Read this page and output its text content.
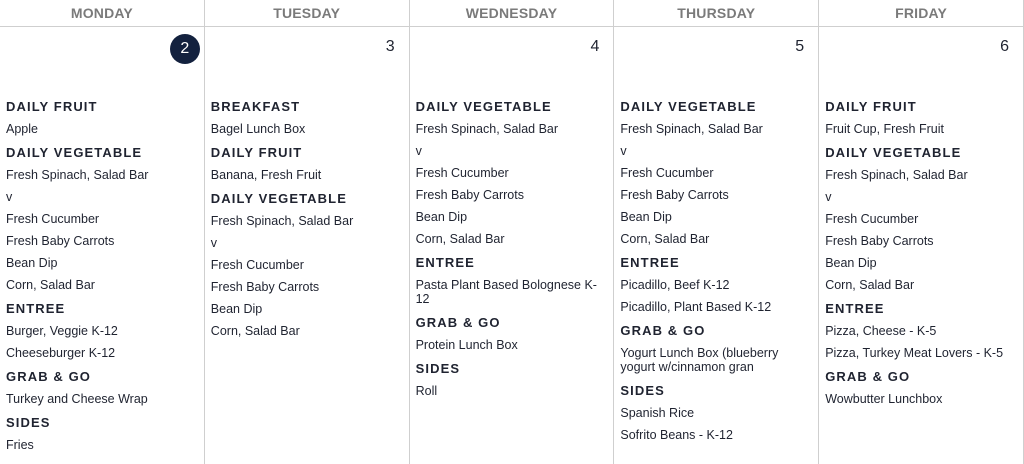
MONDAY	TUESDAY	WEDNESDAY	THURSDAY	FRIDAY
2
DAILY FRUIT
Apple
DAILY VEGETABLE
Fresh Spinach, Salad Bar
v
Fresh Cucumber
Fresh Baby Carrots
Bean Dip
Corn, Salad Bar
ENTREE
Burger, Veggie K-12
Cheeseburger K-12
GRAB & GO
Turkey and Cheese Wrap
SIDES
Fries
3
BREAKFAST
Bagel Lunch Box
DAILY FRUIT
Banana, Fresh Fruit
DAILY VEGETABLE
Fresh Spinach, Salad Bar
v
Fresh Cucumber
Fresh Baby Carrots
Bean Dip
Corn, Salad Bar
4
DAILY VEGETABLE
Fresh Spinach, Salad Bar
v
Fresh Cucumber
Fresh Baby Carrots
Bean Dip
Corn, Salad Bar
ENTREE
Pasta Plant Based Bolognese K-12
GRAB & GO
Protein Lunch Box
SIDES
Roll
5
DAILY VEGETABLE
Fresh Spinach, Salad Bar
v
Fresh Cucumber
Fresh Baby Carrots
Bean Dip
Corn, Salad Bar
ENTREE
Picadillo, Beef K-12
Picadillo, Plant Based K-12
GRAB & GO
Yogurt Lunch Box (blueberry yogurt w/cinnamon gran
SIDES
Spanish Rice
Sofrito Beans - K-12
6
DAILY FRUIT
Fruit Cup, Fresh Fruit
DAILY VEGETABLE
Fresh Spinach, Salad Bar
v
Fresh Cucumber
Fresh Baby Carrots
Bean Dip
Corn, Salad Bar
ENTREE
Pizza, Cheese - K-5
Pizza, Turkey Meat Lovers - K-5
GRAB & GO
Wowbutter Lunchbox
